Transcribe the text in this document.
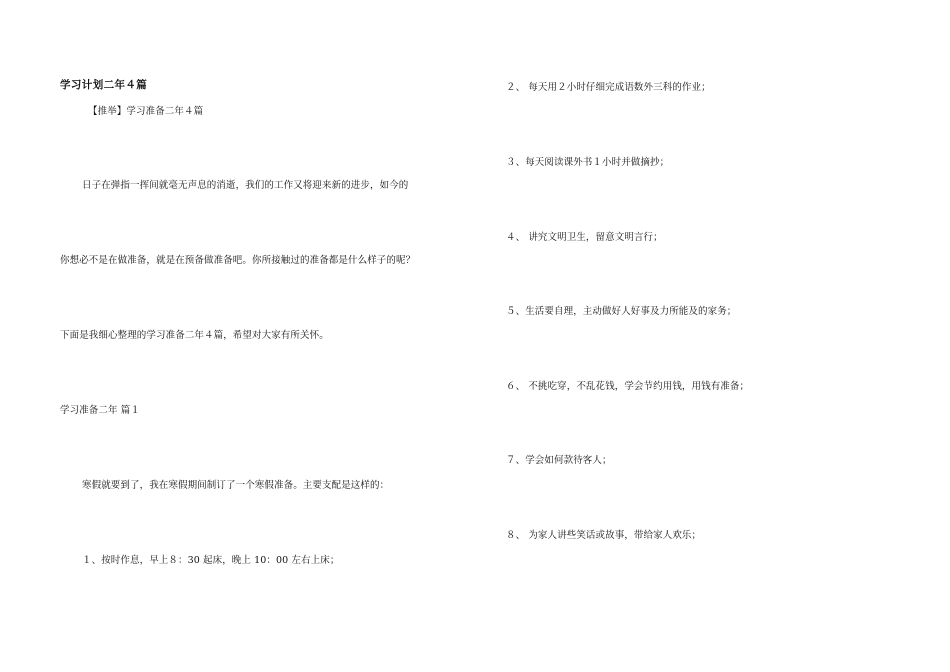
学习计划二年４篇
【推举】学习准备二年４篇
日子在弹指一挥间就毫无声息的消逝，我们的工作又将迎来新的进步，如今的
你想必不是在做准备，就是在预备做准备吧。你所接触过的准备都是什么样子的呢？
下面是我细心整理的学习准备二年４篇，希望对大家有所关怀。
学习准备二年 篇１
寒假就要到了，我在寒假期间制订了一个寒假准备。主要支配是这样的：
１、按时作息，早上８：30 起床，晚上 10：00 左右上床；
２、 每天用２小时仔细完成语数外三科的作业；
３、每天阅读课外书１小时并做摘抄；
４、 讲究文明卫生，留意文明言行；
５、生活要自理，主动做好人好事及力所能及的家务；
６、 不挑吃穿，不乱花钱，学会节约用钱，用钱有准备；
７、学会如何款待客人；
８、 为家人讲些笑话或故事，带给家人欢乐；
